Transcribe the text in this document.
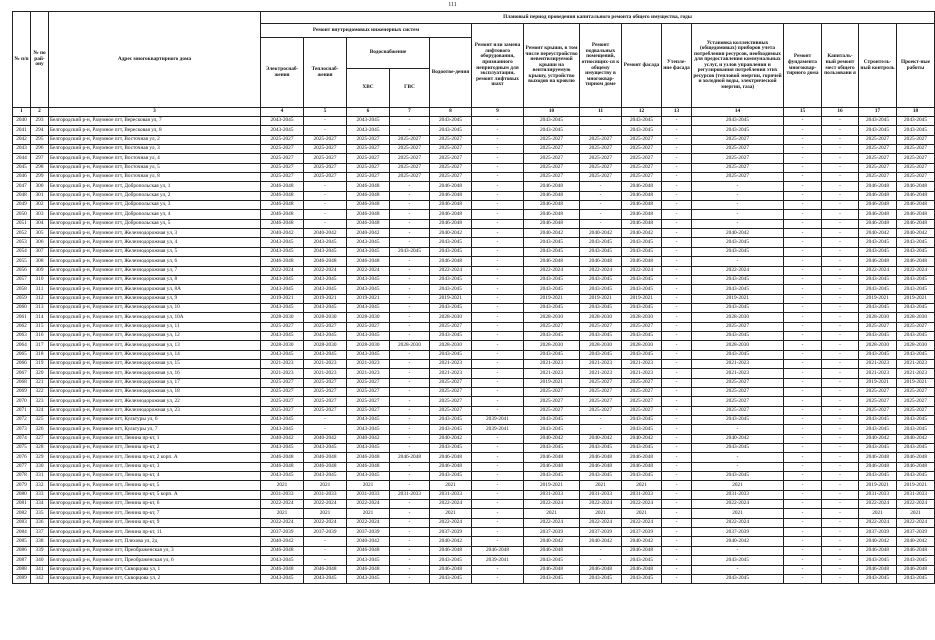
111
№ п/п	№ по рай-ону	Адрес многоквартирного дома	Плановый период проведения капитального ремонта общего имущества, годы														
			Ремонт внутридомовых инженерных систем					Ремонт или замена лифтового оборудования, признанного непригодным для эксплуатации, ремонт лифтовых шахт	Ремонт крыши, в том числе переустройство невентилируемой крыши на вентилируемую крышу, устройство выходов на кровлю	Ремонт подвальных помещений, относящих-ся к общему имуществу в многоквар-тирном доме	Ремонт фасада	Утепле-ние фасада	Установка коллективных (общедомовых) приборов учета потребления ресурсов, необходимых для предоставления коммунальных услуг, и узлов управления и регулирования потребления этих ресурсов (тепловой энергии, горячей и холодной воды, электрической энергии, газа)	Ремонт фундамента многоквар-тирного дома	Капиталь-ный ремонт мест общего пользовани я	Строитель-ный контроль	Проект-ные работы
			Электроснаб-жения	Теплоснаб-жения	Водоснабжение		Водоотве-дения										
					ХВС	ГВС											
1	2	3	4	5	6	7	8	9	10	11	12	13	14	15	16	17	18
2040	293	Белгородский р-н, Разумное пгт, Вересковая ул, 7	2043-2045	-	2043-2045	-	2043-2045	-	2043-2045	-	2043-2045	-	2043-2045	-	-	2043-2045	2043-2045
2041	294	Белгородский р-н, Разумное пгт, Вересковая ул, 8	2043-2045	-	2043-2045	-	2043-2045	-	2043-2045	-	2043-2045	-	2043-2045	-	-	2043-2045	2043-2045
2042	295	Белгородский р-н, Разумное пгт, Восточная ул, 2	2025-2027	2025-2027	2025-2027	2025-2027	2025-2027	-	2025-2027	2025-2027	2025-2027	-	2025-2027	-	-	2025-2027	2025-2027
2043	296	Белгородский р-н, Разумное пгт, Восточная ул, 3	2025-2027	2025-2027	2025-2027	2025-2027	2025-2027	-	2025-2027	2025-2027	2025-2027	-	2025-2027	-	-	2025-2027	2025-2027
2044	297	Белгородский р-н, Разумное пгт, Восточная ул, 4	2025-2027	2025-2027	2025-2027	2025-2027	2025-2027	-	2025-2027	2025-2027	2025-2027	-	2025-2027	-	-	2025-2027	2025-2027
2045	298	Белгородский р-н, Разумное пгт, Восточная ул, 5	2025-2027	2025-2027	2025-2027	2025-2027	2025-2027	-	2025-2027	2025-2027	2025-2027	-	2025-2027	-	-	2025-2027	2025-2027
2046	299	Белгородский р-н, Разумное пгт, Восточная ул, 8	2025-2027	2025-2027	2025-2027	2025-2027	2025-2027	-	2025-2027	2025-2027	2025-2027	-	2025-2027	-	-	2025-2027	2025-2027
2047	300	Белгородский р-н, Разумное пгт, Добропольская ул, 1	2046-2048	-	2046-2048	-	2046-2048	-	2046-2048	-	2046-2048	-	-	-	-	2046-2048	2046-2048
2048	301	Белгородский р-н, Разумное пгт, Добропольская ул, 2	2046-2048	-	2046-2048	-	2046-2048	-	2046-2048	-	2046-2048	-	-	-	-	2046-2048	2046-2048
2049	302	Белгородский р-н, Разумное пгт, Добропольская ул, 3	2046-2048	-	2046-2048	-	2046-2048	-	2046-2048	-	2046-2048	-	-	-	-	2046-2048	2046-2048
2050	303	Белгородский р-н, Разумное пгт, Добропольская ул, 4	2046-2048	-	2046-2048	-	2046-2048	-	2046-2048	-	2046-2048	-	-	-	-	2046-2048	2046-2048
2051	304	Белгородский р-н, Разумное пгт, Добропольская ул, 5	2046-2048	-	2046-2048	-	2046-2048	-	2046-2048	-	2046-2048	-	-	-	-	2046-2048	2046-2048
2052	305	Белгородский р-н, Разумное пгт, Железнодорожная ул, 3	2040-2042	2040-2042	2040-2042	-	2040-2042	-	2040-2042	2040-2042	2040-2042	-	2040-2042	-	-	2040-2042	2040-2042
2053	306	Белгородский р-н, Разумное пгт, Железнодорожная ул, 4	2043-2045	2043-2045	2043-2045	-	2043-2045	-	2043-2045	2043-2045	2043-2045	-	2043-2045	-	-	2043-2045	2043-2045
2054	307	Белгородский р-н, Разумное пгт, Железнодорожная ул, 5	2043-2045	2043-2045	2043-2045	2043-2045	2043-2045	-	2043-2045	2043-2045	2043-2045	-	2043-2045	-	-	2043-2045	2043-2045
2055	308	Белгородский р-н, Разумное пгт, Железнодорожная ул, 6	2046-2048	2046-2048	2046-2048	-	2046-2048	-	2046-2048	2046-2048	2046-2048	-	-	-	-	2046-2048	2046-2048
2056	309	Белгородский р-н, Разумное пгт, Железнодорожная ул, 7	2022-2024	2022-2024	2022-2024	-	2022-2024	-	2022-2024	2022-2024	2022-2024	-	2022-2024	-	-	2022-2024	2022-2024
2057	310	Белгородский р-н, Разумное пгт, Железнодорожная ул, 8	2043-2045	2043-2045	2043-2045	-	2043-2045	-	2043-2045	2043-2045	2043-2045	-	2043-2045	-	-	2043-2045	2043-2045
2058	311	Белгородский р-н, Разумное пгт, Железнодорожная ул, 8А	2043-2045	2043-2045	2043-2045	-	2043-2045	-	2043-2045	2043-2045	2043-2045	-	2043-2045	-	-	2043-2045	2043-2045
2059	312	Белгородский р-н, Разумное пгт, Железнодорожная ул, 9	2019-2021	2019-2021	2019-2021	-	2019-2021	-	2019-2021	2019-2021	2019-2021	-	2019-2021	-	-	2019-2021	2019-2021
2060	313	Белгородский р-н, Разумное пгт, Железнодорожная ул, 10	2043-2045	2043-2045	2043-2045	-	2043-2045	-	2043-2045	2043-2045	2043-2045	-	2043-2045	-	-	2043-2045	2043-2045
2061	314	Белгородский р-н, Разумное пгт, Железнодорожная ул, 10А	2028-2030	2028-2030	2028-2030	-	2028-2030	-	2028-2030	2028-2030	2028-2030	-	2028-2030	-	-	2028-2030	2028-2030
2062	315	Белгородский р-н, Разумное пгт, Железнодорожная ул, 11	2025-2027	2025-2027	2025-2027	-	2025-2027	-	2025-2027	2025-2027	2025-2027	-	2025-2027	-	-	2025-2027	2025-2027
2063	316	Белгородский р-н, Разумное пгт, Железнодорожная ул, 12	2043-2045	2043-2045	2043-2045	-	2043-2045	-	2043-2045	2043-2045	2043-2045	-	2043-2045	-	-	2043-2045	2043-2045
2064	317	Белгородский р-н, Разумное пгт, Железнодорожная ул, 13	2028-2030	2028-2030	2028-2030	2028-2030	2028-2030	-	2028-2030	2028-2030	2028-2030	-	2028-2030	-	-	2028-2030	2028-2030
2065	318	Белгородский р-н, Разумное пгт, Железнодорожная ул, 14	2043-2045	2043-2045	2043-2045	-	2043-2045	-	2043-2045	2043-2045	2043-2045	-	2043-2045	-	-	2043-2045	2043-2045
2066	319	Белгородский р-н, Разумное пгт, Железнодорожная ул, 15	2021-2023	2021-2023	2021-2023	-	2021-2023	-	2021-2023	2021-2023	2021-2023	-	2021-2023	-	-	2021-2023	2021-2023
2067	320	Белгородский р-н, Разумное пгт, Железнодорожная ул, 16	2021-2023	2021-2023	2021-2023	-	2021-2023	-	2021-2023	2021-2023	2021-2023	-	2021-2023	-	-	2021-2023	2021-2023
2068	321	Белгородский р-н, Разумное пгт, Железнодорожная ул, 17	2025-2027	2025-2027	2025-2027	-	2025-2027	-	2019-2021	2025-2027	2025-2027	-	2025-2027	-	-	2019-2021	2019-2021
2069	322	Белгородский р-н, Разумное пгт, Железнодорожная ул, 18	2025-2027	2025-2027	2025-2027	-	2025-2027	-	2025-2027	2025-2027	2025-2027	-	2025-2027	-	-	2025-2027	2025-2027
2070	323	Белгородский р-н, Разумное пгт, Железнодорожная ул, 22	2025-2027	2025-2027	2025-2027	-	2025-2027	-	2025-2027	2025-2027	2025-2027	-	2025-2027	-	-	2025-2027	2025-2027
2071	324	Белгородский р-н, Разумное пгт, Железнодорожная ул, 23	2025-2027	2025-2027	2025-2027	-	2025-2027	-	2025-2027	2025-2027	2025-2027	-	2025-2027	-	-	2025-2027	2025-2027
2072	325	Белгородский р-н, Разумное пгт, Культуры ул, 6	2043-2045	-	2043-2045	-	2043-2045	2039-2041	2043-2045	-	2043-2045	-	2043-2045	-	-	2043-2045	2043-2045
2073	326	Белгородский р-н, Разумное пгт, Культуры ул, 7	2043-2045	-	2043-2045	-	2043-2045	2039-2041	2043-2045	-	2043-2045	-	-	-	-	2043-2045	2043-2045
2074	327	Белгородский р-н, Разумное пгт, Ленина пр-кт, 1	2040-2042	2040-2042	2040-2042	-	2040-2042	-	2040-2042	2040-2042	2040-2042	-	2040-2042	-	-	2040-2042	2040-2042
2075	328	Белгородский р-н, Разумное пгт, Ленина пр-кт, 2	2043-2045	2043-2045	2043-2045	-	2043-2045	-	2043-2045	2043-2045	2043-2045	-	2043-2045	-	-	2043-2045	2043-2045
2076	329	Белгородский р-н, Разумное пгт, Ленина пр-кт, 2 корп. А	2046-2048	2046-2048	2046-2048	2046-2048	2046-2048	-	2046-2048	2046-2048	2046-2048	-	-	-	-	2046-2048	2046-2048
2077	330	Белгородский р-н, Разумное пгт, Ленина пр-кт, 3	2046-2048	2046-2048	2046-2048	-	2046-2048	-	2046-2048	2046-2048	2046-2048	-	-	-	-	2046-2048	2046-2048
2078	331	Белгородский р-н, Разумное пгт, Ленина пр-кт, 4	2043-2045	2043-2045	2043-2045	-	2043-2045	-	2043-2045	2043-2045	2043-2045	-	2043-2045	-	-	2043-2045	2043-2045
2079	332	Белгородский р-н, Разумное пгт, Ленина пр-кт, 5	2021	2021	2021	-	2021	-	2019-2021	2021	2021	-	2021	-	-	2019-2021	2019-2021
2080	333	Белгородский р-н, Разумное пгт, Ленина пр-кт, 5 корп. А	2031-2033	2031-2033	2031-2033	2031-2033	2031-2033	-	2031-2033	2031-2033	2031-2033	-	2031-2033	-	-	2031-2033	2031-2033
2081	334	Белгородский р-н, Разумное пгт, Ленина пр-кт, 6	2022-2024	2022-2024	2022-2024	-	2022-2024	-	2022-2024	2022-2024	2022-2024	-	2022-2024	-	-	2022-2024	2022-2024
2082	335	Белгородский р-н, Разумное пгт, Ленина пр-кт, 7	2021	2021	2021	-	2021	-	2021	2021	2021	-	2021	-	-	2021	2021
2083	336	Белгородский р-н, Разумное пгт, Ленина пр-кт, 9	2022-2024	2022-2024	2022-2024	-	2022-2024	-	2022-2024	2022-2024	2022-2024	-	2022-2024	-	-	2022-2024	2022-2024
2084	337	Белгородский р-н, Разумное пгт, Ленина пр-кт, 11	2037-2039	2037-2039	2037-2039	-	2037-2039	-	2037-2039	2037-2039	2037-2039	-	2037-2039	-	-	2037-2039	2037-2039
2085	338	Белгородский р-н, Разумное пгт, Плехова ул, 2д	2040-2042	-	2040-2042	-	2040-2042	-	2040-2042	2040-2042	2040-2042	-	2040-2042	-	-	2040-2042	2040-2042
2086	339	Белгородский р-н, Разумное пгт, Преображенская ул, 3	2046-2048	-	2046-2048	-	2046-2048	2046-2048	2046-2048	-	2046-2048	-	-	-	-	2046-2048	2046-2048
2087	340	Белгородский р-н, Разумное пгт, Преображенская ул, 6	2043-2045	-	2043-2045	-	2043-2045	2039-2041	2043-2045	-	2043-2045	-	2043-2045	-	-	2043-2045	2043-2045
2088	341	Белгородский р-н, Разумное пгт, Скворцова ул, 1	2046-2048	2046-2048	2046-2048	-	2046-2048	-	2046-2048	2046-2048	2046-2048	-	-	-	-	2046-2048	2046-2048
2089	342	Белгородский р-н, Разумное пгт, Скворцова ул, 2	2043-2045	2043-2045	2043-2045	-	2043-2045	-	2043-2045	2043-2045	2043-2045	-	2043-2045	-	-	2043-2045	2043-2045
